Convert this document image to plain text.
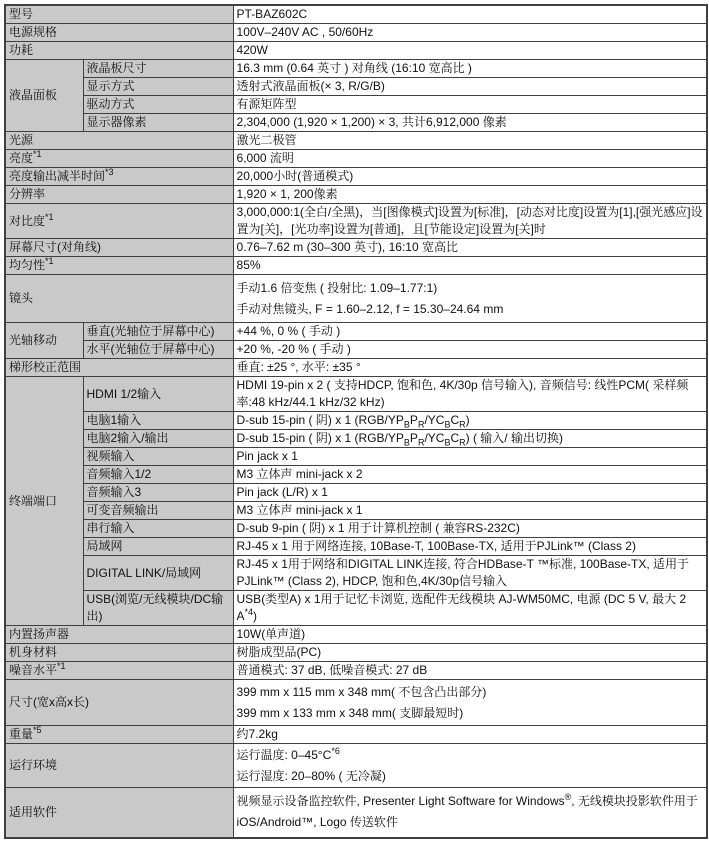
型号		PT-BAZ602C
电源规格		100V–240V AC , 50/60Hz
功耗		420W
液晶面板	液晶板尺寸	16.3 mm (0.64 英寸 ) 对角线 (16:10 宽高比 )
	显示方式	透射式液晶面板(× 3, R/G/B)
	驱动方式	有源矩阵型
	显示器像素	2,304,000 (1,920 × 1,200) × 3, 共计6,912,000 像素
光源		激光二极管
亮度$^{*1}$		6,000 流明
亮度输出减半时间$^{*3}$		20,000小时(普通模式)
分辨率		1,920 × 1, 200像素
对比度$^{*1}$		3,000,000:1(全白/全黑)，当[图像模式]设置为[标准]，[动态对比度]设置为[1],[强光感应]设置为[关]，[光功率]设置为[普通]，且[节能设定]设置为[关]时
屏幕尺寸(对角线)		0.76–7.62 m (30–300 英寸), 16:10 宽高比
均匀性$^{*1}$		85%
镜头		手动1.6 倍变焦 ( 投射比: 1.09–1.77:1)
手动对焦镜头, F = 1.60–2.12, f = 15.30–24.64 mm

光轴移动	垂直(光轴位于屏幕中心)	+44 %, 0 % ( 手动 )
	水平(光轴位于屏幕中心)	+20 %, -20 % ( 手动 )
梯形校正范围		垂直: ±25 °, 水平: ±35 °
终端端口	HDMI 1/2输入	HDMI 19-pin x 2 ( 支持HDCP, 饱和色, 4K/30p 信号输入), 音频信号: 线性PCM( 采样频率:48 kHz/44.1 kHz/32 kHz)
	电脑1输入	D-sub 15-pin ( 阴) x 1 $(RGB/YP_BP_R/YC_BC_R)$
	电脑2输入/输出	D-sub 15-pin ( 阴) x 1 $(RGB/YP_BP_R/YC_BC_R)$ ( 输入/ 输出切换)
	视频输入	Pin jack x 1
	音频输入1/2	M3 立体声 mini-jack x 2
	音频输入3	Pin jack (L/R) x 1
	可变音频输出	M3 立体声 mini-jack x 1
	串行输入	D-sub 9-pin ( 阴) x 1 用于计算机控制 ( 兼容RS-232C)
	局域网	RJ-45 x 1 用于网络连接, 10Base-T, 100Base-TX, 适用于PJLink™ (Class 2)
	DIGITAL LINK/局域网	RJ-45 x 1用于网络和DIGITAL LINK连接, 符合HDBase-T ™标准, 100Base-TX, 适用于PJLink™ (Class 2), HDCP, 饱和色,4K/30p信号输入
	USB(浏览/无线模块/DC输出)	USB(类型A) x 1用于记忆卡浏览, 选配件无线模块 AJ-WM50MC, 电源 (DC 5 V, 最大 2 $A^{*4}$)
内置扬声器		10W(单声道)
机身材料		树脂成型品(PC)
噪音水平$^{*1}$		普通模式: 37 dB, 低噪音模式: 27 dB
尺寸(宽x高x长)		399 mm x 115 mm x 348 mm( 不包含凸出部分)
399 mm x 133 mm x 348 mm( 支脚最短时)

重量$^{*5}$		约7.2kg
运行环境		运行温度: $0-45^\circ C^{*6}$
运行湿度: 20–80% ( 无冷凝)

适用软件		视频显示设备监控软件, Presenter Light Software for Windows®, 无线模块投影软件用于iOS/Android™, Logo 传送软件
